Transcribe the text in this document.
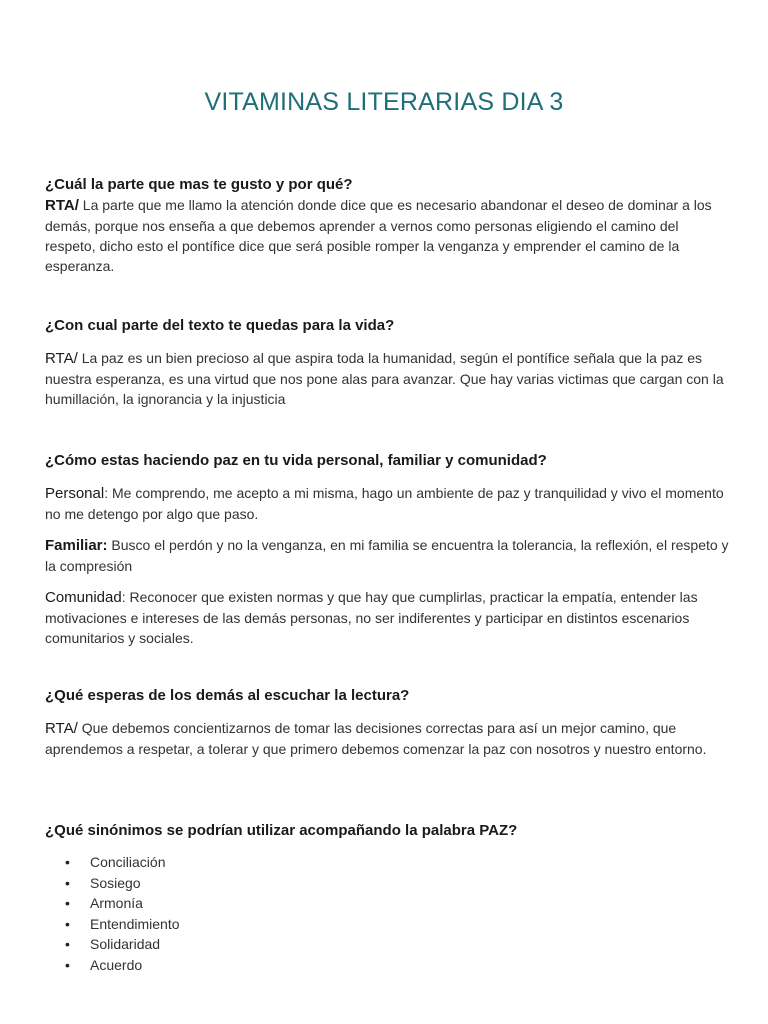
VITAMINAS LITERARIAS DIA 3

¿Cuál la parte que mas te gusto y por qué?

RTA/ La parte que me llamo la atención donde dice que es necesario abandonar el deseo de dominar a los demás, porque nos enseña a que debemos aprender a vernos como personas eligiendo el camino del respeto, dicho esto el pontífice dice que será posible romper la venganza y emprender el camino de la esperanza.

¿Con cual parte del texto te quedas para la vida?

RTA/ La paz es un bien precioso al que aspira toda la humanidad, según el pontífice señala que la paz es nuestra esperanza, es una virtud que nos pone alas para avanzar. Que hay varias victimas que cargan con la humillación, la ignorancia y la injusticia

¿Cómo estas haciendo paz en tu vida personal, familiar y comunidad?

Personal: Me comprendo, me acepto a mi misma, hago un ambiente de paz y tranquilidad y vivo el momento no me detengo por algo que paso.

Familiar: Busco el perdón y no la venganza, en mi familia se encuentra la tolerancia, la reflexión, el respeto y la compresión

Comunidad: Reconocer que existen normas y que hay que cumplirlas, practicar la empatía, entender las motivaciones e intereses de las demás personas, no ser indiferentes y participar en distintos escenarios comunitarios y sociales.

¿Qué esperas de los demás al escuchar la lectura?

RTA/ Que debemos concientizarnos de tomar las decisiones correctas para así un mejor camino, que aprendemos a respetar, a tolerar y que primero debemos comenzar la paz con nosotros y nuestro entorno.

¿Qué sinónimos se podrían utilizar acompañando la palabra PAZ?

• Conciliación
• Sosiego
• Armonía
• Entendimiento
• Solidaridad
• Acuerdo
